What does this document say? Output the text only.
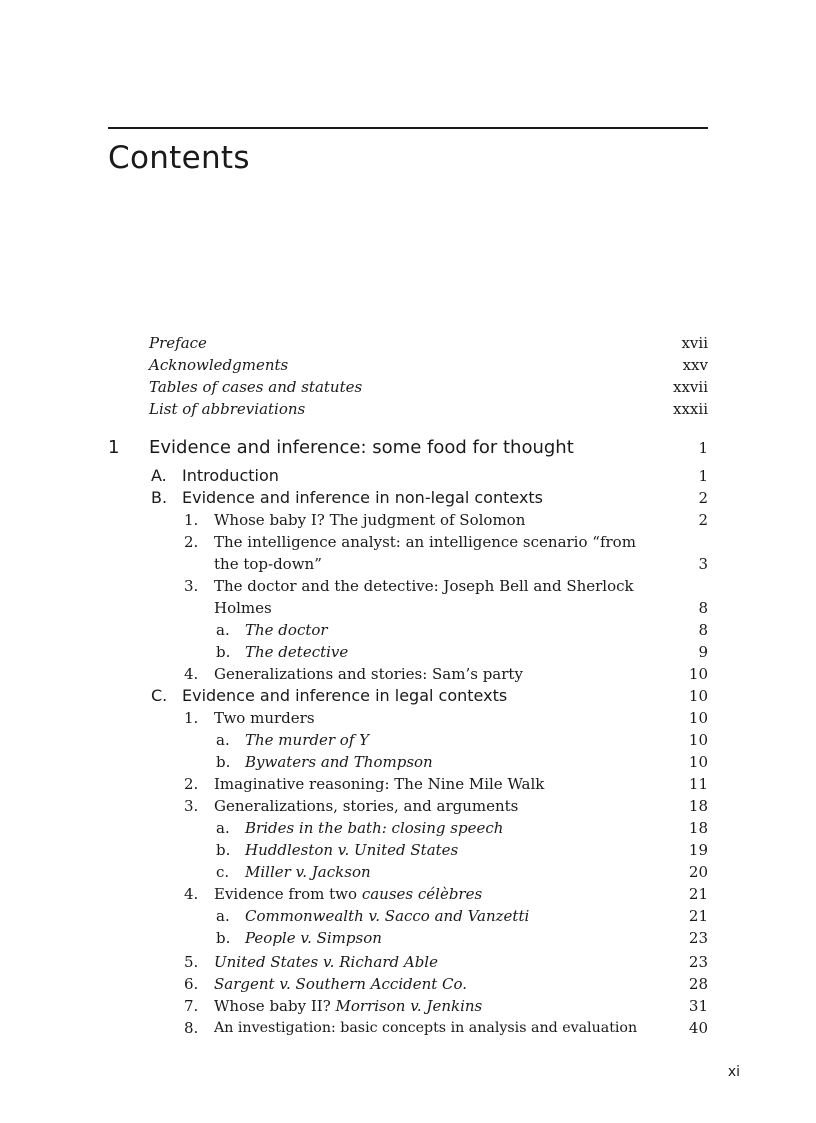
Contents
Preface	xvii
Acknowledgments	xxv
Tables of cases and statutes	xxvii
List of abbreviations	xxxii
1 Evidence and inference: some food for thought	1
A. Introduction	1
B. Evidence and inference in non-legal contexts	2
1. Whose baby I? The judgment of Solomon	2
2. The intelligence analyst: an intelligence scenario “from
the top-down”	3
3. The doctor and the detective: Joseph Bell and Sherlock
Holmes	8
a. The doctor	8
b. The detective	9
4. Generalizations and stories: Sam’s party	10
C. Evidence and inference in legal contexts	10
1. Two murders	10
a. The murder of Y	10
b. Bywaters and Thompson	10
2. Imaginative reasoning: The Nine Mile Walk	11
3. Generalizations, stories, and arguments	18
a. Brides in the bath: closing speech	18
b. Huddleston v. United States	19
c. Miller v. Jackson	20
4. Evidence from two causes célèbres	21
a. Commonwealth v. Sacco and Vanzetti	21
b. People v. Simpson	23
5. United States v. Richard Able	23
6. Sargent v. Southern Accident Co.	28
7. Whose baby II? Morrison v. Jenkins	31
8. An investigation: basic concepts in analysis and evaluation	40
xi
